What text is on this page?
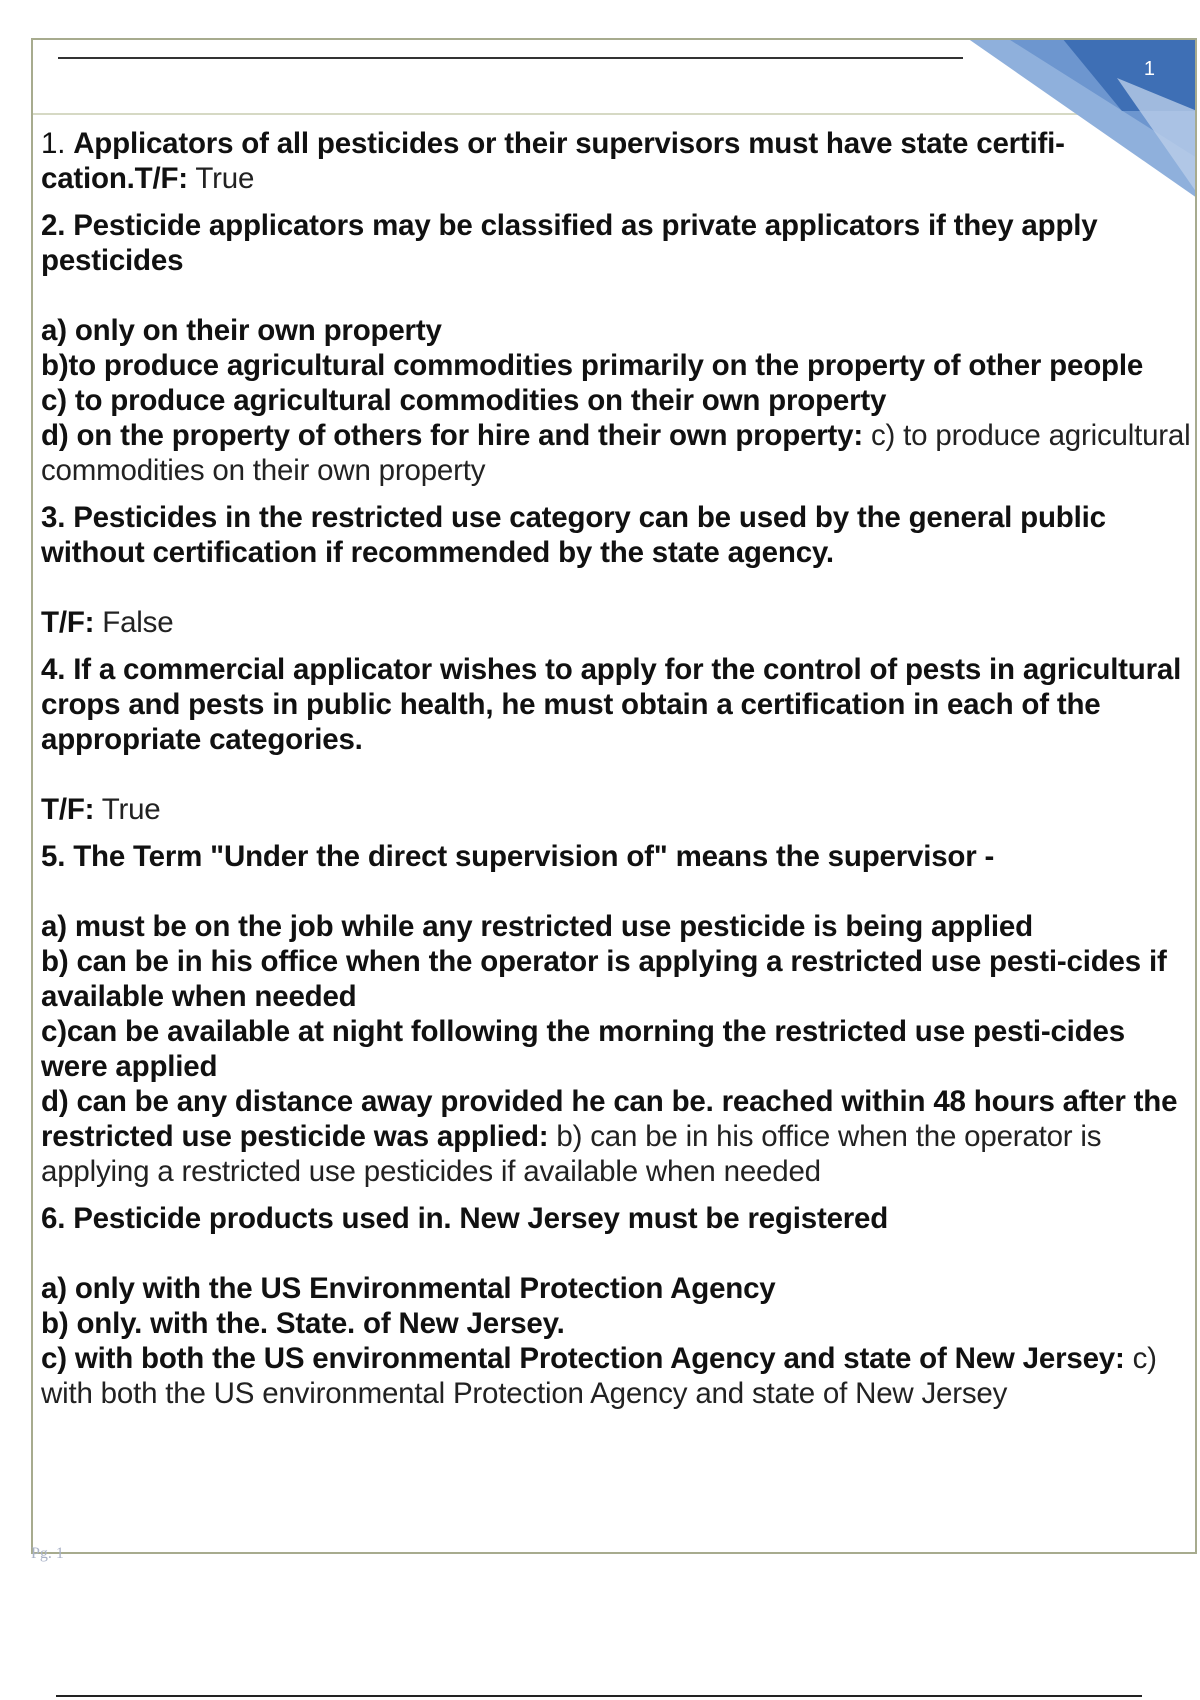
1

1. Applicators of all pesticides or their supervisors must have state certifi-cation.T/F: True

2. Pesticide applicators may be classified as private applicators if they apply pesticides
a) only on their own property
b)to produce agricultural commodities primarily on the property of other people
c) to produce agricultural commodities on their own property
d) on the property of others for hire and their own property: c) to produce agricultural commodities on their own property

3. Pesticides in the restricted use category can be used by the general public without certification if recommended by the state agency.
T/F: False

4. If a commercial applicator wishes to apply for the control of pests in agricultural crops and pests in public health, he must obtain a certification in each of the appropriate categories.
T/F: True

5. The Term "Under the direct supervision of" means the supervisor -
a) must be on the job while any restricted use pesticide is being applied
b) can be in his office when the operator is applying a restricted use pesti-cides if available when needed
c)can be available at night following the morning the restricted use pesti-cides were applied
d) can be any distance away provided he can be. reached within 48 hours after the restricted use pesticide was applied: b) can be in his office when the operator is applying a restricted use pesticides if available when needed

6. Pesticide products used in. New Jersey must be registered
a) only with the US Environmental Protection Agency
b) only. with the. State. of New Jersey.
c) with both the US environmental Protection Agency and state of New Jersey: c) with both the US environmental Protection Agency and state of New Jersey

Pg. 1
